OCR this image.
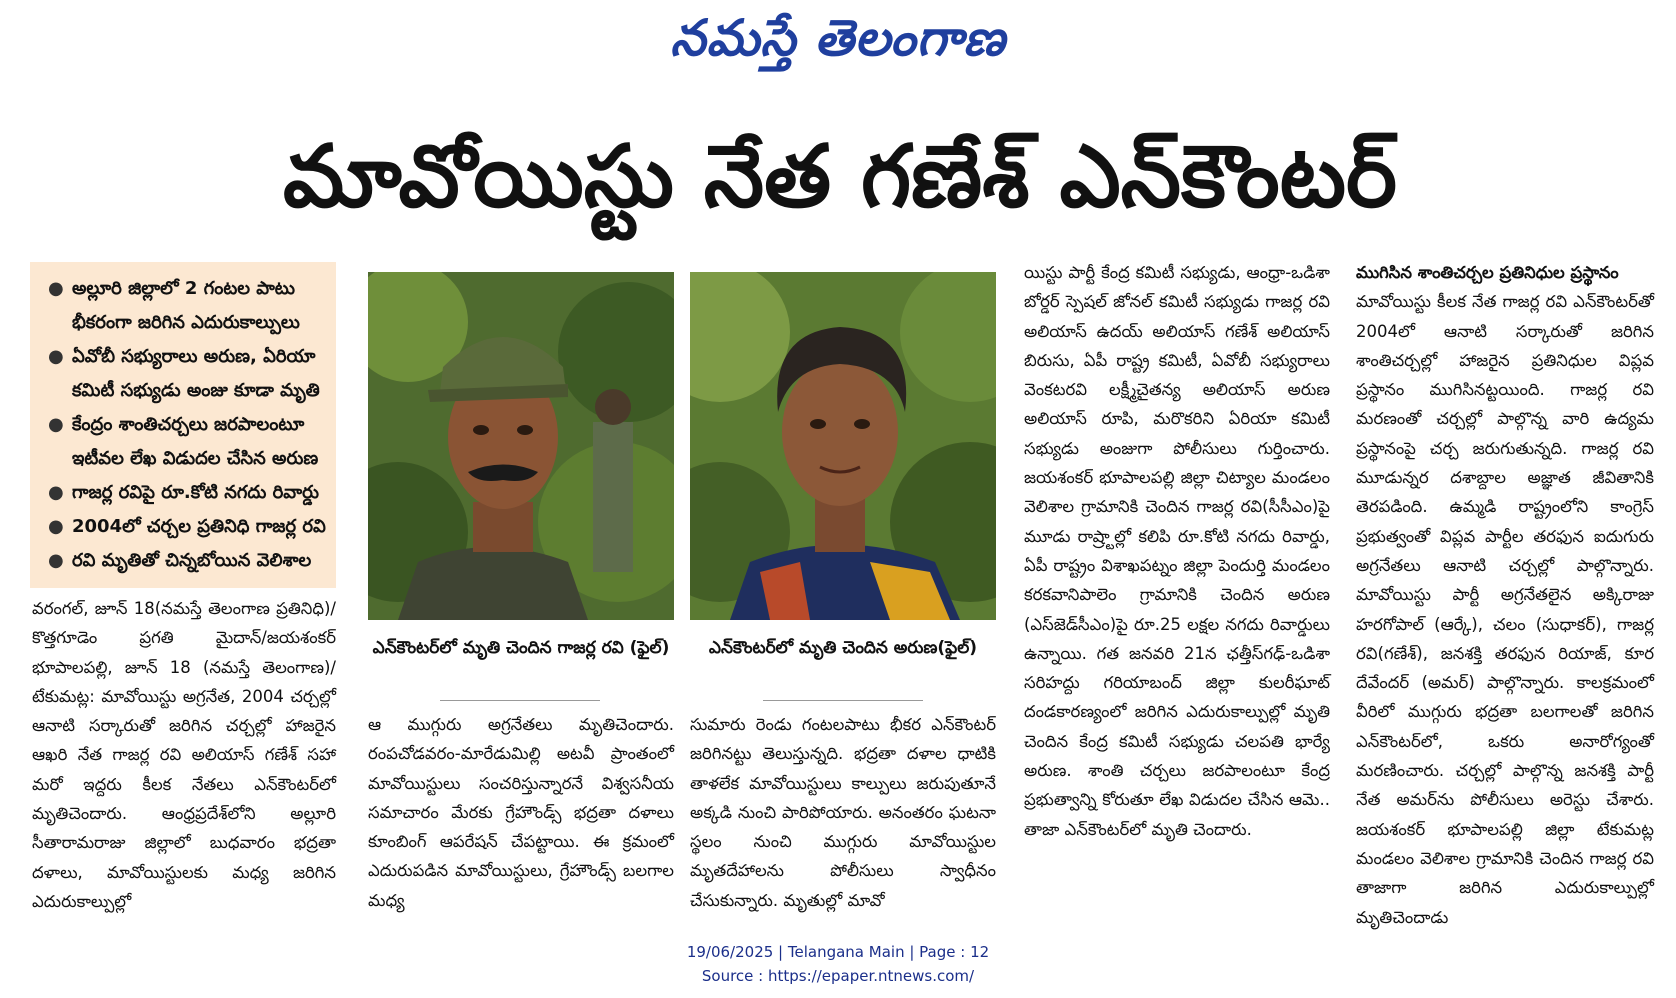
నమస్తే తెలంగాణ
మావోయిస్టు నేత గణేశ్ ఎన్‌కౌంటర్
● అల్లూరి జిల్లాలో 2 గంటల పాటు భీకరంగా జరిగిన ఎదురుకాల్పులు
● ఏవోబీ సభ్యురాలు అరుణ, ఏరియా కమిటీ సభ్యుడు అంజు కూడా మృతి
● కేంద్రం శాంతిచర్చలు జరపాలంటూ ఇటీవల లేఖ విడుదల చేసిన అరుణ
● గాజర్ల రవిపై రూ.కోటి నగదు రివార్డు
● 2004లో చర్చల ప్రతినిధి గాజర్ల రవి
● రవి మృతితో చిన్నబోయిన వెలిశాల
ఎన్‌కౌంటర్‌లో మృతి చెందిన గాజర్ల రవి (ఫైల్)	ఎన్‌కౌంటర్‌లో మృతి చెందిన అరుణ(ఫైల్)

వరంగల్, జూన్ 18(నమస్తే తెలంగాణ ప్రతినిధి)/కొత్తగూడెం ప్రగతి మైదాన్/జయశంకర్ భూపాలపల్లి, జూన్ 18 (నమస్తే తెలంగాణ)/టేకుమట్ల: మావోయిస్టు అగ్రనేత, 2004 చర్చల్లో ఆనాటి సర్కారుతో జరిగిన చర్చల్లో హాజరైన ఆఖరి నేత గాజర్ల రవి అలియాస్ గణేశ్ సహా మరో ఇద్దరు కీలక నేతలు ఎన్‌కౌంటర్‌లో మృతిచెందారు. ఆంధ్రప్రదేశ్‌లోని అల్లూరి సీతారామరాజు జిల్లాలో బుధవారం భద్రతా దళాలు, మావోయిస్టులకు మధ్య జరిగిన ఎదురుకాల్పుల్లో

ఆ ముగ్గురు అగ్రనేతలు మృతిచెందారు. రంపచోడవరం-మారేడుమిల్లి అటవీ ప్రాంతంలో మావోయిస్టులు సంచరిస్తున్నారనే విశ్వసనీయ సమాచారం మేరకు గ్రేహౌండ్స్ భద్రతా దళాలు కూంబింగ్ ఆపరేషన్ చేపట్టాయి. ఈ క్రమంలో ఎదురుపడిన మావోయిస్టులు, గ్రేహౌండ్స్ బలగాల మధ్య

సుమారు రెండు గంటలపాటు భీకర ఎన్‌కౌంటర్ జరిగినట్టు తెలుస్తున్నది. భద్రతా దళాల ధాటికి తాళలేక మావోయిస్టులు కాల్పులు జరుపుతూనే అక్కడి నుంచి పారిపోయారు. అనంతరం ఘటనా స్థలం నుంచి ముగ్గురు మావోయిస్టుల మృతదేహాలను పోలీసులు స్వాధీనం చేసుకున్నారు. మృతుల్లో మావో

యిస్టు పార్టీ కేంద్ర కమిటీ సభ్యుడు, ఆంధ్రా-ఒడిశా బోర్డర్ స్పెషల్ జోనల్ కమిటీ సభ్యుడు గాజర్ల రవి అలియాస్ ఉదయ్ అలియాస్ గణేశ్ అలియాస్ బిరుసు, ఏపీ రాష్ట్ర కమిటీ, ఏవోబీ సభ్యురాలు వెంకటరవి లక్ష్మీచైతన్య అలియాస్ అరుణ అలియాస్ రూపి, మరొకరిని ఏరియా కమిటీ సభ్యుడు అంజుగా పోలీసులు గుర్తించారు. జయశంకర్ భూపాలపల్లి జిల్లా చిట్యాల మండలం వెలిశాల గ్రామానికి చెందిన గాజర్ల రవి(సీసీఎం)పై మూడు రాష్ర్టాల్లో కలిపి రూ.కోటి నగదు రివార్డు, ఏపీ రాష్ట్రం విశాఖపట్నం జిల్లా పెందుర్తి మండలం కరకవానిపాలెం గ్రామానికి చెందిన అరుణ (ఎస్‌జెడ్‌సీఎం)పై రూ.25 లక్షల నగదు రివార్డులు ఉన్నాయి. గత జనవరి 21న ఛత్తీస్‌గఢ్-ఒడిశా సరిహద్దు గరియాబంద్ జిల్లా కులరీఘాట్ దండకారణ్యంలో జరిగిన ఎదురుకాల్పుల్లో మృతి చెందిన కేంద్ర కమిటీ సభ్యుడు చలపతి భార్యే అరుణ. శాంతి చర్చలు జరపాలంటూ కేంద్ర ప్రభుత్వాన్ని కోరుతూ లేఖ విడుదల చేసిన ఆమె.. తాజా ఎన్‌కౌంటర్‌లో మృతి చెందారు.

ముగిసిన శాంతిచర్చల ప్రతినిధుల ప్రస్థానం

మావోయిస్టు కీలక నేత గాజర్ల రవి ఎన్‌కౌంటర్‌తో 2004లో ఆనాటి సర్కారుతో జరిగిన శాంతిచర్చల్లో హాజరైన ప్రతినిధుల విప్లవ ప్రస్థానం ముగిసినట్టయింది. గాజర్ల రవి మరణంతో చర్చల్లో పాల్గొన్న వారి ఉద్యమ ప్రస్థానంపై చర్చ జరుగుతున్నది. గాజర్ల రవి మూడున్నర దశాబ్దాల అజ్ఞాత జీవితానికి తెరపడింది. ఉమ్మడి రాష్ట్రంలోని కాంగ్రెస్ ప్రభుత్వంతో విప్లవ పార్టీల తరఫున ఐదుగురు అగ్రనేతలు ఆనాటి చర్చల్లో పాల్గొన్నారు. మావోయిస్టు పార్టీ అగ్రనేతలైన అక్కిరాజు హరగోపాల్ (ఆర్కే), చలం (సుధాకర్), గాజర్ల రవి(గణేశ్), జనశక్తి తరఫున రియాజ్, కూర దేవేందర్ (అమర్) పాల్గొన్నారు. కాలక్రమంలో వీరిలో ముగ్గురు భద్రతా బలగాలతో జరిగిన ఎన్‌కౌంటర్‌లో, ఒకరు అనారోగ్యంతో మరణించారు. చర్చల్లో పాల్గొన్న జనశక్తి పార్టీ నేత అమర్‌ను పోలీసులు అరెస్టు చేశారు. జయశంకర్ భూపాలపల్లి జిల్లా టేకుమట్ల మండలం వెలిశాల గ్రామానికి చెందిన గాజర్ల రవి తాజాగా జరిగిన ఎదురుకాల్పుల్లో మృతిచెందాడు

19/06/2025 | Telangana Main | Page : 12
Source : https://epaper.ntnews.com/
